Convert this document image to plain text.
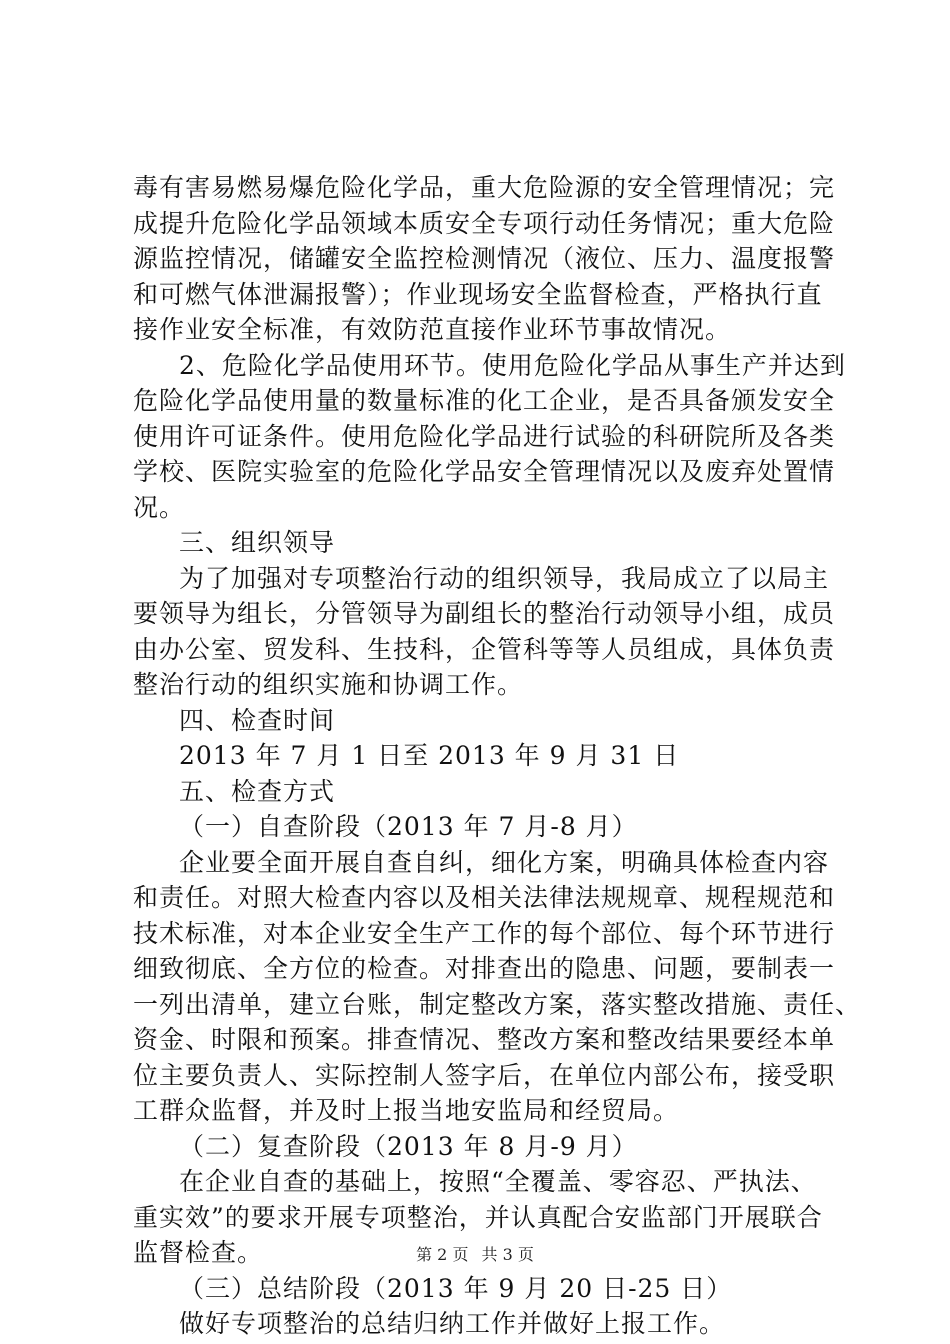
毒有害易燃易爆危险化学品，重大危险源的安全管理情况；完
成提升危险化学品领域本质安全专项行动任务情况；重大危险
源监控情况，储罐安全监控检测情况（液位、压力、温度报警
和可燃气体泄漏报警）；作业现场安全监督检查，严格执行直
接作业安全标准，有效防范直接作业环节事故情况。
2、危险化学品使用环节。使用危险化学品从事生产并达到
危险化学品使用量的数量标准的化工企业，是否具备颁发安全
使用许可证条件。使用危险化学品进行试验的科研院所及各类
学校、医院实验室的危险化学品安全管理情况以及废弃处置情
况。
三、组织领导
为了加强对专项整治行动的组织领导，我局成立了以局主
要领导为组长，分管领导为副组长的整治行动领导小组，成员
由办公室、贸发科、生技科，企管科等等人员组成，具体负责
整治行动的组织实施和协调工作。
四、检查时间
2013 年 7 月 1 日至 2013 年 9 月 31 日
五、检查方式
（一）自查阶段（2013 年 7 月-8 月）
企业要全面开展自查自纠，细化方案，明确具体检查内容
和责任。对照大检查内容以及相关法律法规规章、规程规范和
技术标准，对本企业安全生产工作的每个部位、每个环节进行
细致彻底、全方位的检查。对排查出的隐患、问题，要制表一
一列出清单，建立台账，制定整改方案，落实整改措施、责任、
资金、时限和预案。排查情况、整改方案和整改结果要经本单
位主要负责人、实际控制人签字后，在单位内部公布，接受职
工群众监督，并及时上报当地安监局和经贸局。
（二）复查阶段（2013 年 8 月-9 月）
在企业自查的基础上，按照“全覆盖、零容忍、严执法、
重实效”的要求开展专项整治，并认真配合安监部门开展联合
监督检查。
（三）总结阶段（2013 年 9 月 20 日-25 日）
做好专项整治的总结归纳工作并做好上报工作。
第 2 页 共 3 页
